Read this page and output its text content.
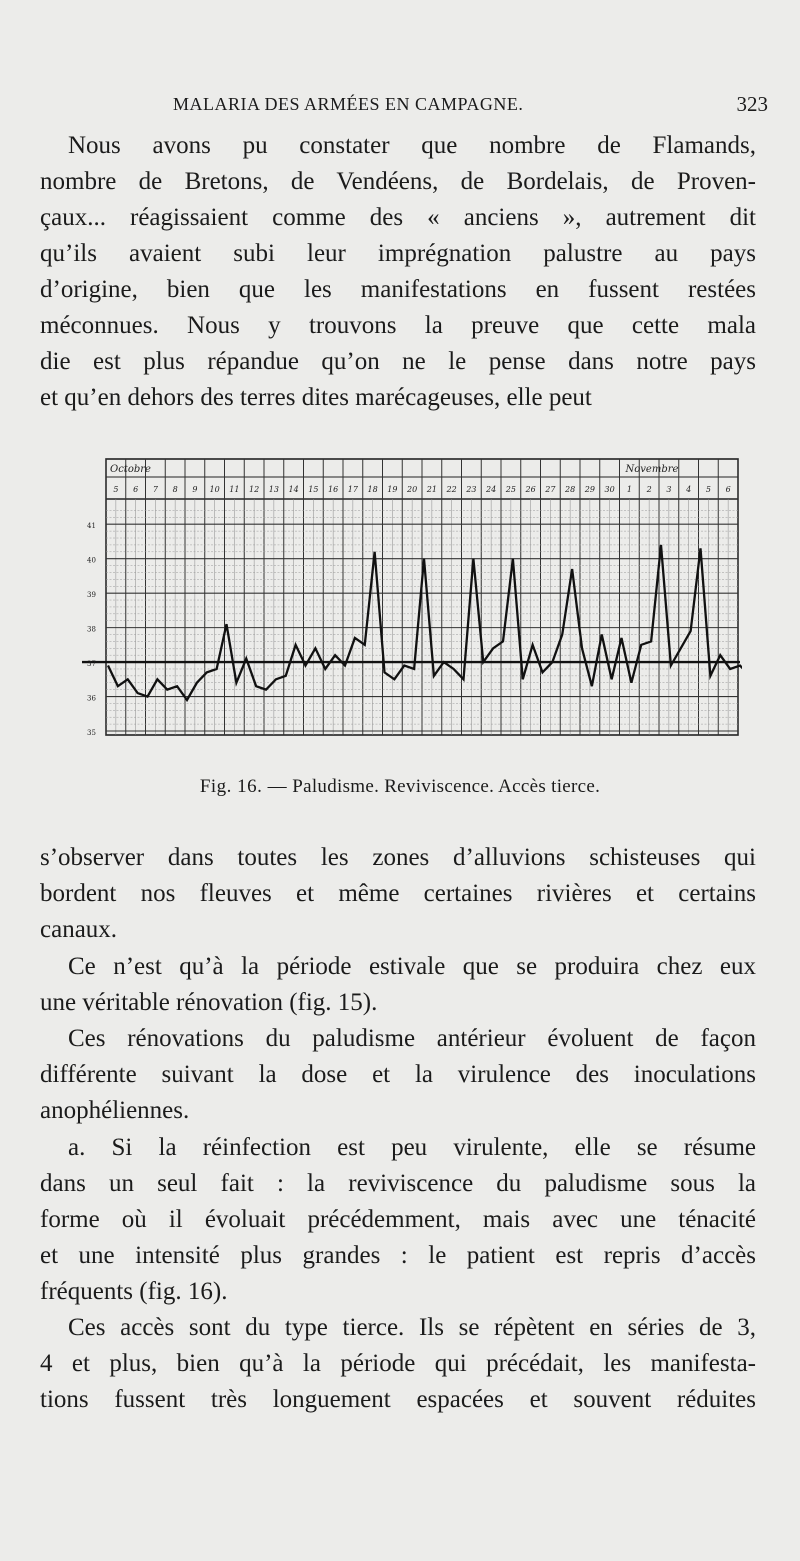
MALARIA DES ARMÉES EN CAMPAGNE.	323
Nous avons pu constater que nombre de Flamands,
nombre de Bretons, de Vendéens, de Bordelais, de Proven-
çaux... réagissaient comme des « anciens », autrement dit
qu’ils avaient subi leur imprégnation palustre au pays
d’origine, bien que les manifestations en fussent restées
méconnues. Nous y trouvons la preuve que cette mala
die est plus répandue qu’on ne le pense dans notre pays
et qu’en dehors des terres dites marécageuses, elle peut
41
40
39
38
37
36
35
5 6 7 8 9 10 11 12 13 14 15 16 17 18 19 20 21 22 23 24 25 26 27 28 29 30 1 2 3 4 5 6
Octobre	Novembre
Fig. 16. — Paludisme. Reviviscence. Accès tierce.
s’observer dans toutes les zones d’alluvions schisteuses qui
bordent nos fleuves et même certaines rivières et certains
canaux.
Ce n’est qu’à la période estivale que se produira chez eux
une véritable rénovation (fig. 15).
Ces rénovations du paludisme antérieur évoluent de façon
différente suivant la dose et la virulence des inoculations
anophéliennes.
a. Si la réinfection est peu virulente, elle se résume
dans un seul fait : la reviviscence du paludisme sous la
forme où il évoluait précédemment, mais avec une ténacité
et une intensité plus grandes : le patient est repris d’accès
fréquents (fig. 16).
Ces accès sont du type tierce. Ils se répètent en séries de 3,
4 et plus, bien qu’à la période qui précédait, les manifesta-
tions fussent très longuement espacées et souvent réduites
